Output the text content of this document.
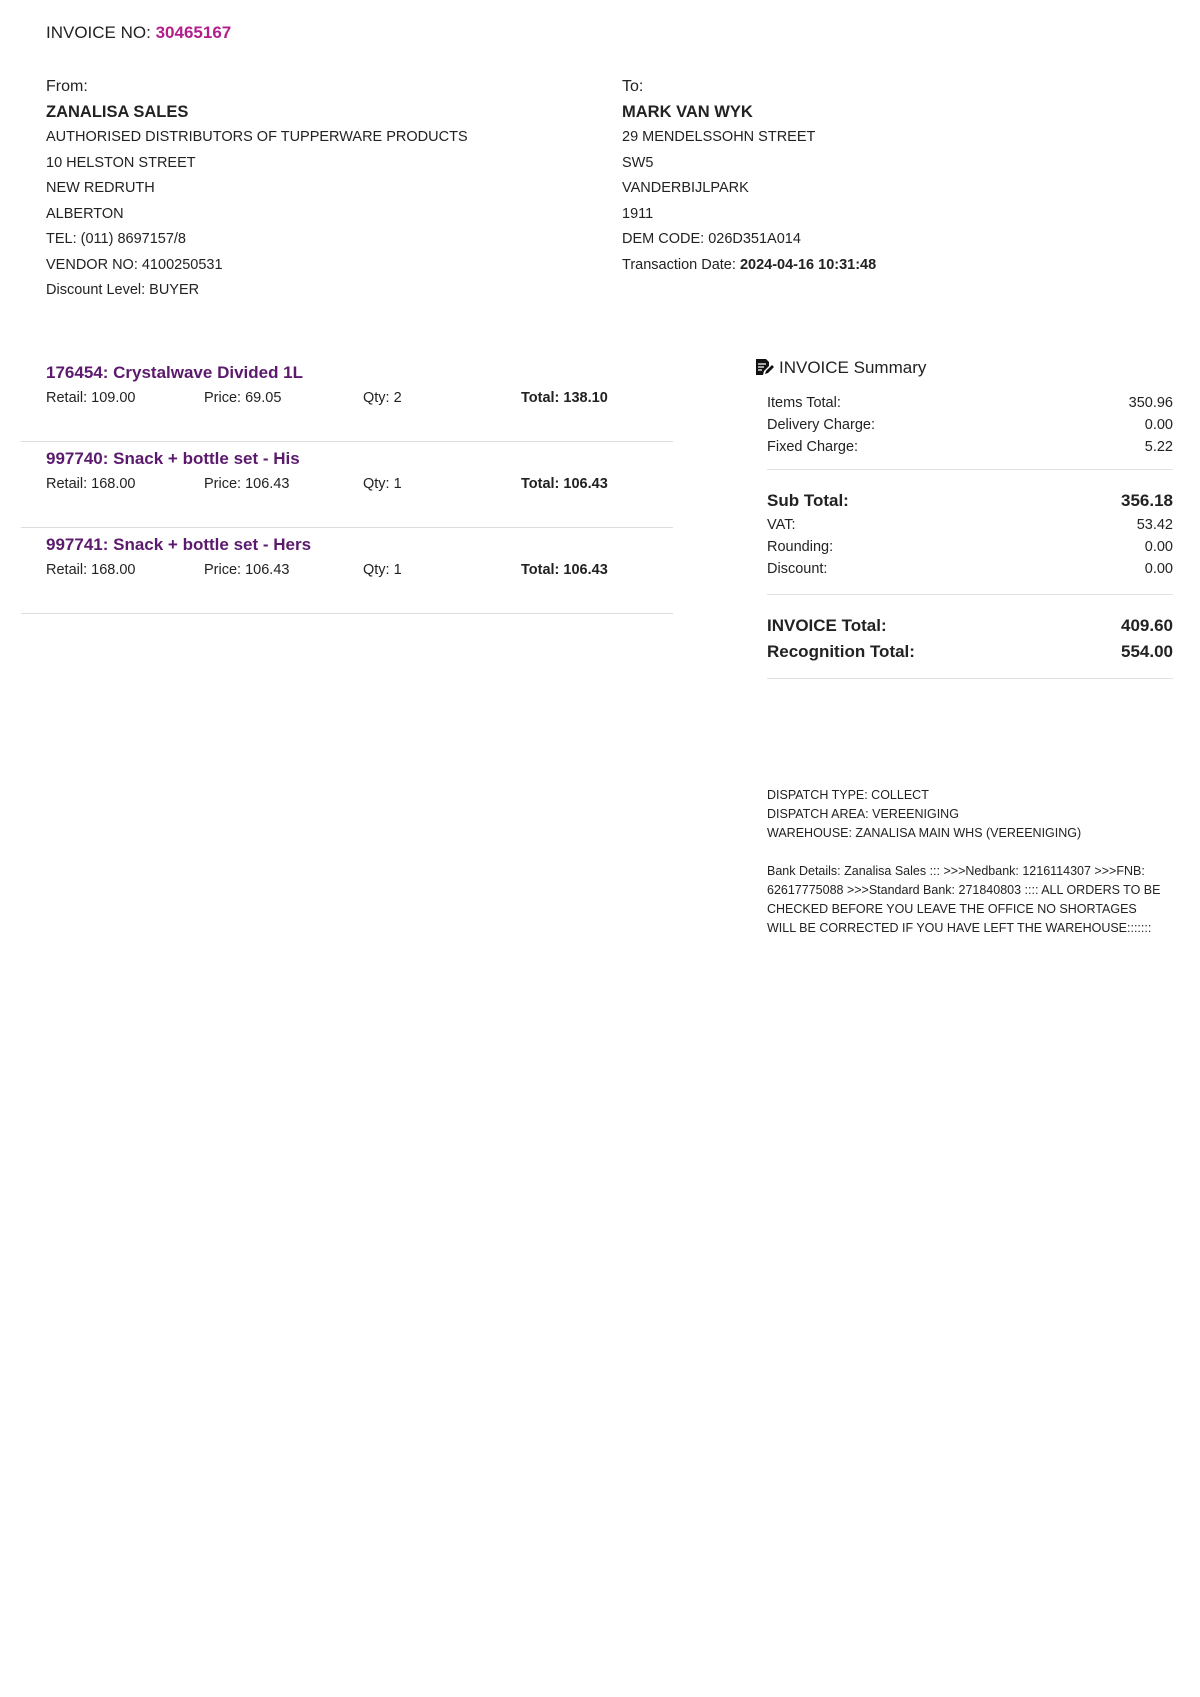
INVOICE NO: 30465167
From:
ZANALISA SALES
AUTHORISED DISTRIBUTORS OF TUPPERWARE PRODUCTS
10 HELSTON STREET
NEW REDRUTH
ALBERTON
TEL: (011) 8697157/8
VENDOR NO: 4100250531
Discount Level: BUYER
To:
MARK VAN WYK
29 MENDELSSOHN STREET
SW5
VANDERBIJLPARK
1911
DEM CODE: 026D351A014
Transaction Date: 2024-04-16 10:31:48
176454: Crystalwave Divided 1L
Retail: 109.00	Price: 69.05	Qty: 2	Total: 138.10
997740: Snack + bottle set - His
Retail: 168.00	Price: 106.43	Qty: 1	Total: 106.43
997741: Snack + bottle set - Hers
Retail: 168.00	Price: 106.43	Qty: 1	Total: 106.43
INVOICE Summary
Items Total:	350.96
Delivery Charge:	0.00
Fixed Charge:	5.22
Sub Total:	356.18
VAT:	53.42
Rounding:	0.00
Discount:	0.00
INVOICE Total:	409.60
Recognition Total:	554.00

DISPATCH TYPE: COLLECT

DISPATCH AREA: VEREENIGING

WAREHOUSE: ZANALISA MAIN WHS (VEREENIGING)

Bank Details: Zanalisa Sales ::: >>>Nedbank: 1216114307 >>>FNB: 62617775088 >>>Standard Bank: 271840803 :::: ALL ORDERS TO BE CHECKED BEFORE YOU LEAVE THE OFFICE NO SHORTAGES WILL BE CORRECTED IF YOU HAVE LEFT THE WAREHOUSE:::::::
